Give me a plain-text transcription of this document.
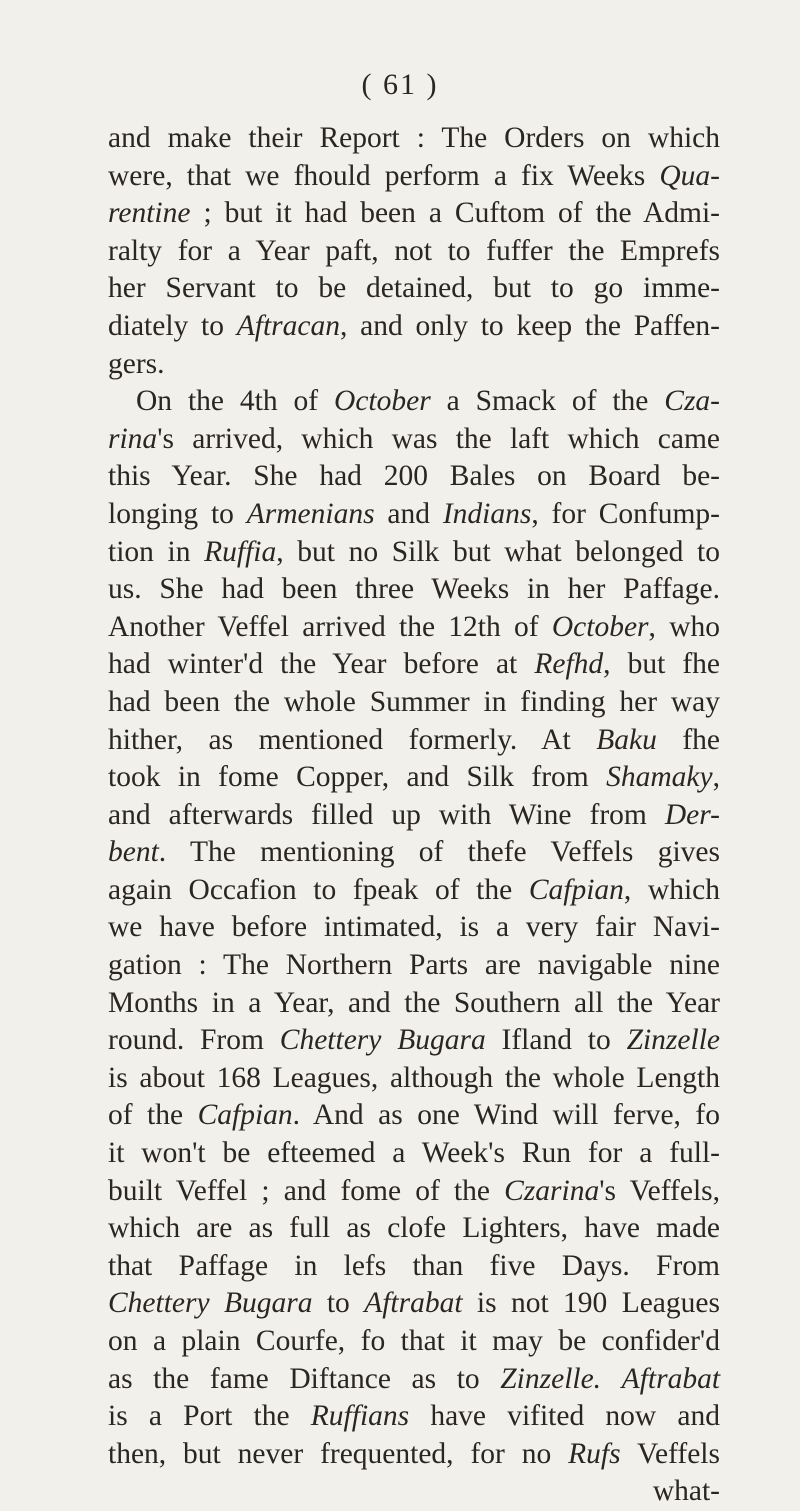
( 61 )
and make their Report : The Orders on which
were, that we fhould perform a fix Weeks Qua-
rentine ; but it had been a Cuftom of the Admi-
ralty for a Year paft, not to fuffer the Emprefs
her Servant to be detained, but to go imme-
diately to Aftracan, and only to keep the Paffen-
gers.
On the 4th of October a Smack of the Cza-
rina's arrived, which was the laft which came
this Year. She had 200 Bales on Board be-
longing to Armenians and Indians, for Confump-
tion in Ruffia, but no Silk but what belonged to
us. She had been three Weeks in her Paffage.
Another Veffel arrived the 12th of October, who
had winter'd the Year before at Refhd, but fhe
had been the whole Summer in finding her way
hither, as mentioned formerly. At Baku fhe
took in fome Copper, and Silk from Shamaky,
and afterwards filled up with Wine from Der-
bent. The mentioning of thefe Veffels gives
again Occafion to fpeak of the Cafpian, which
we have before intimated, is a very fair Navi-
gation : The Northern Parts are navigable nine
Months in a Year, and the Southern all the Year
round. From Chettery Bugara Ifland to Zinzelle
is about 168 Leagues, although the whole Length
of the Cafpian. And as one Wind will ferve, fo
it won't be efteemed a Week's Run for a full-
built Veffel ; and fome of the Czarina's Veffels,
which are as full as clofe Lighters, have made
that Paffage in lefs than five Days. From
Chettery Bugara to Aftrabat is not 190 Leagues
on a plain Courfe, fo that it may be confider'd
as the fame Diftance as to Zinzelle. Aftrabat
is a Port the Ruffians have vifited now and
then, but never frequented, for no Rufs Veffels
what-
